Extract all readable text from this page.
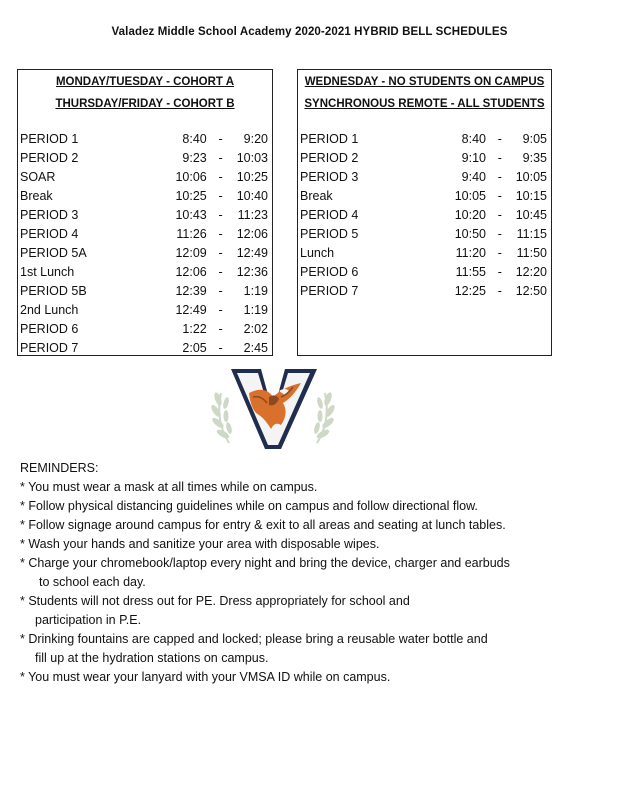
Valadez Middle School Academy 2020-2021 HYBRID BELL SCHEDULES
MONDAY/TUESDAY - COHORT A
THURSDAY/FRIDAY - COHORT B
PERIOD 1	8:40 -	9:20
PERIOD 2	9:23 -	10:03
SOAR	10:06 -	10:25
Break	10:25 -	10:40
PERIOD 3	10:43 -	11:23
PERIOD 4	11:26 -	12:06
PERIOD 5A	12:09 -	12:49
1st Lunch	12:06 -	12:36
PERIOD 5B	12:39 -	1:19
2nd Lunch	12:49 -	1:19
PERIOD 6	1:22 -	2:02
PERIOD 7	2:05 -	2:45
WEDNESDAY - NO STUDENTS ON CAMPUS
SYNCHRONOUS REMOTE - ALL STUDENTS
PERIOD 1	8:40 -	9:05
PERIOD 2	9:10 -	9:35
PERIOD 3	9:40 -	10:05
Break	10:05 -	10:15
PERIOD 4	10:20 -	10:45
PERIOD 5	10:50 -	11:15
Lunch	11:20 -	11:50
PERIOD 6	11:55 -	12:20
PERIOD 7	12:25 -	12:50
REMINDERS:
* You must wear a mask at all times while on campus.
* Follow physical distancing guidelines while on campus and follow directional flow.
* Follow signage around campus for entry & exit to all areas and seating at lunch tables.
* Wash your hands and sanitize your area with disposable wipes.
* Charge your chromebook/laptop every night and bring the device, charger and earbuds
to school each day.
* Students will not dress out for PE. Dress appropriately for school and
participation in P.E.
* Drinking fountains are capped and locked; please bring a reusable water bottle and
fill up at the hydration stations on campus.
* You must wear your lanyard with your VMSA ID while on campus.
